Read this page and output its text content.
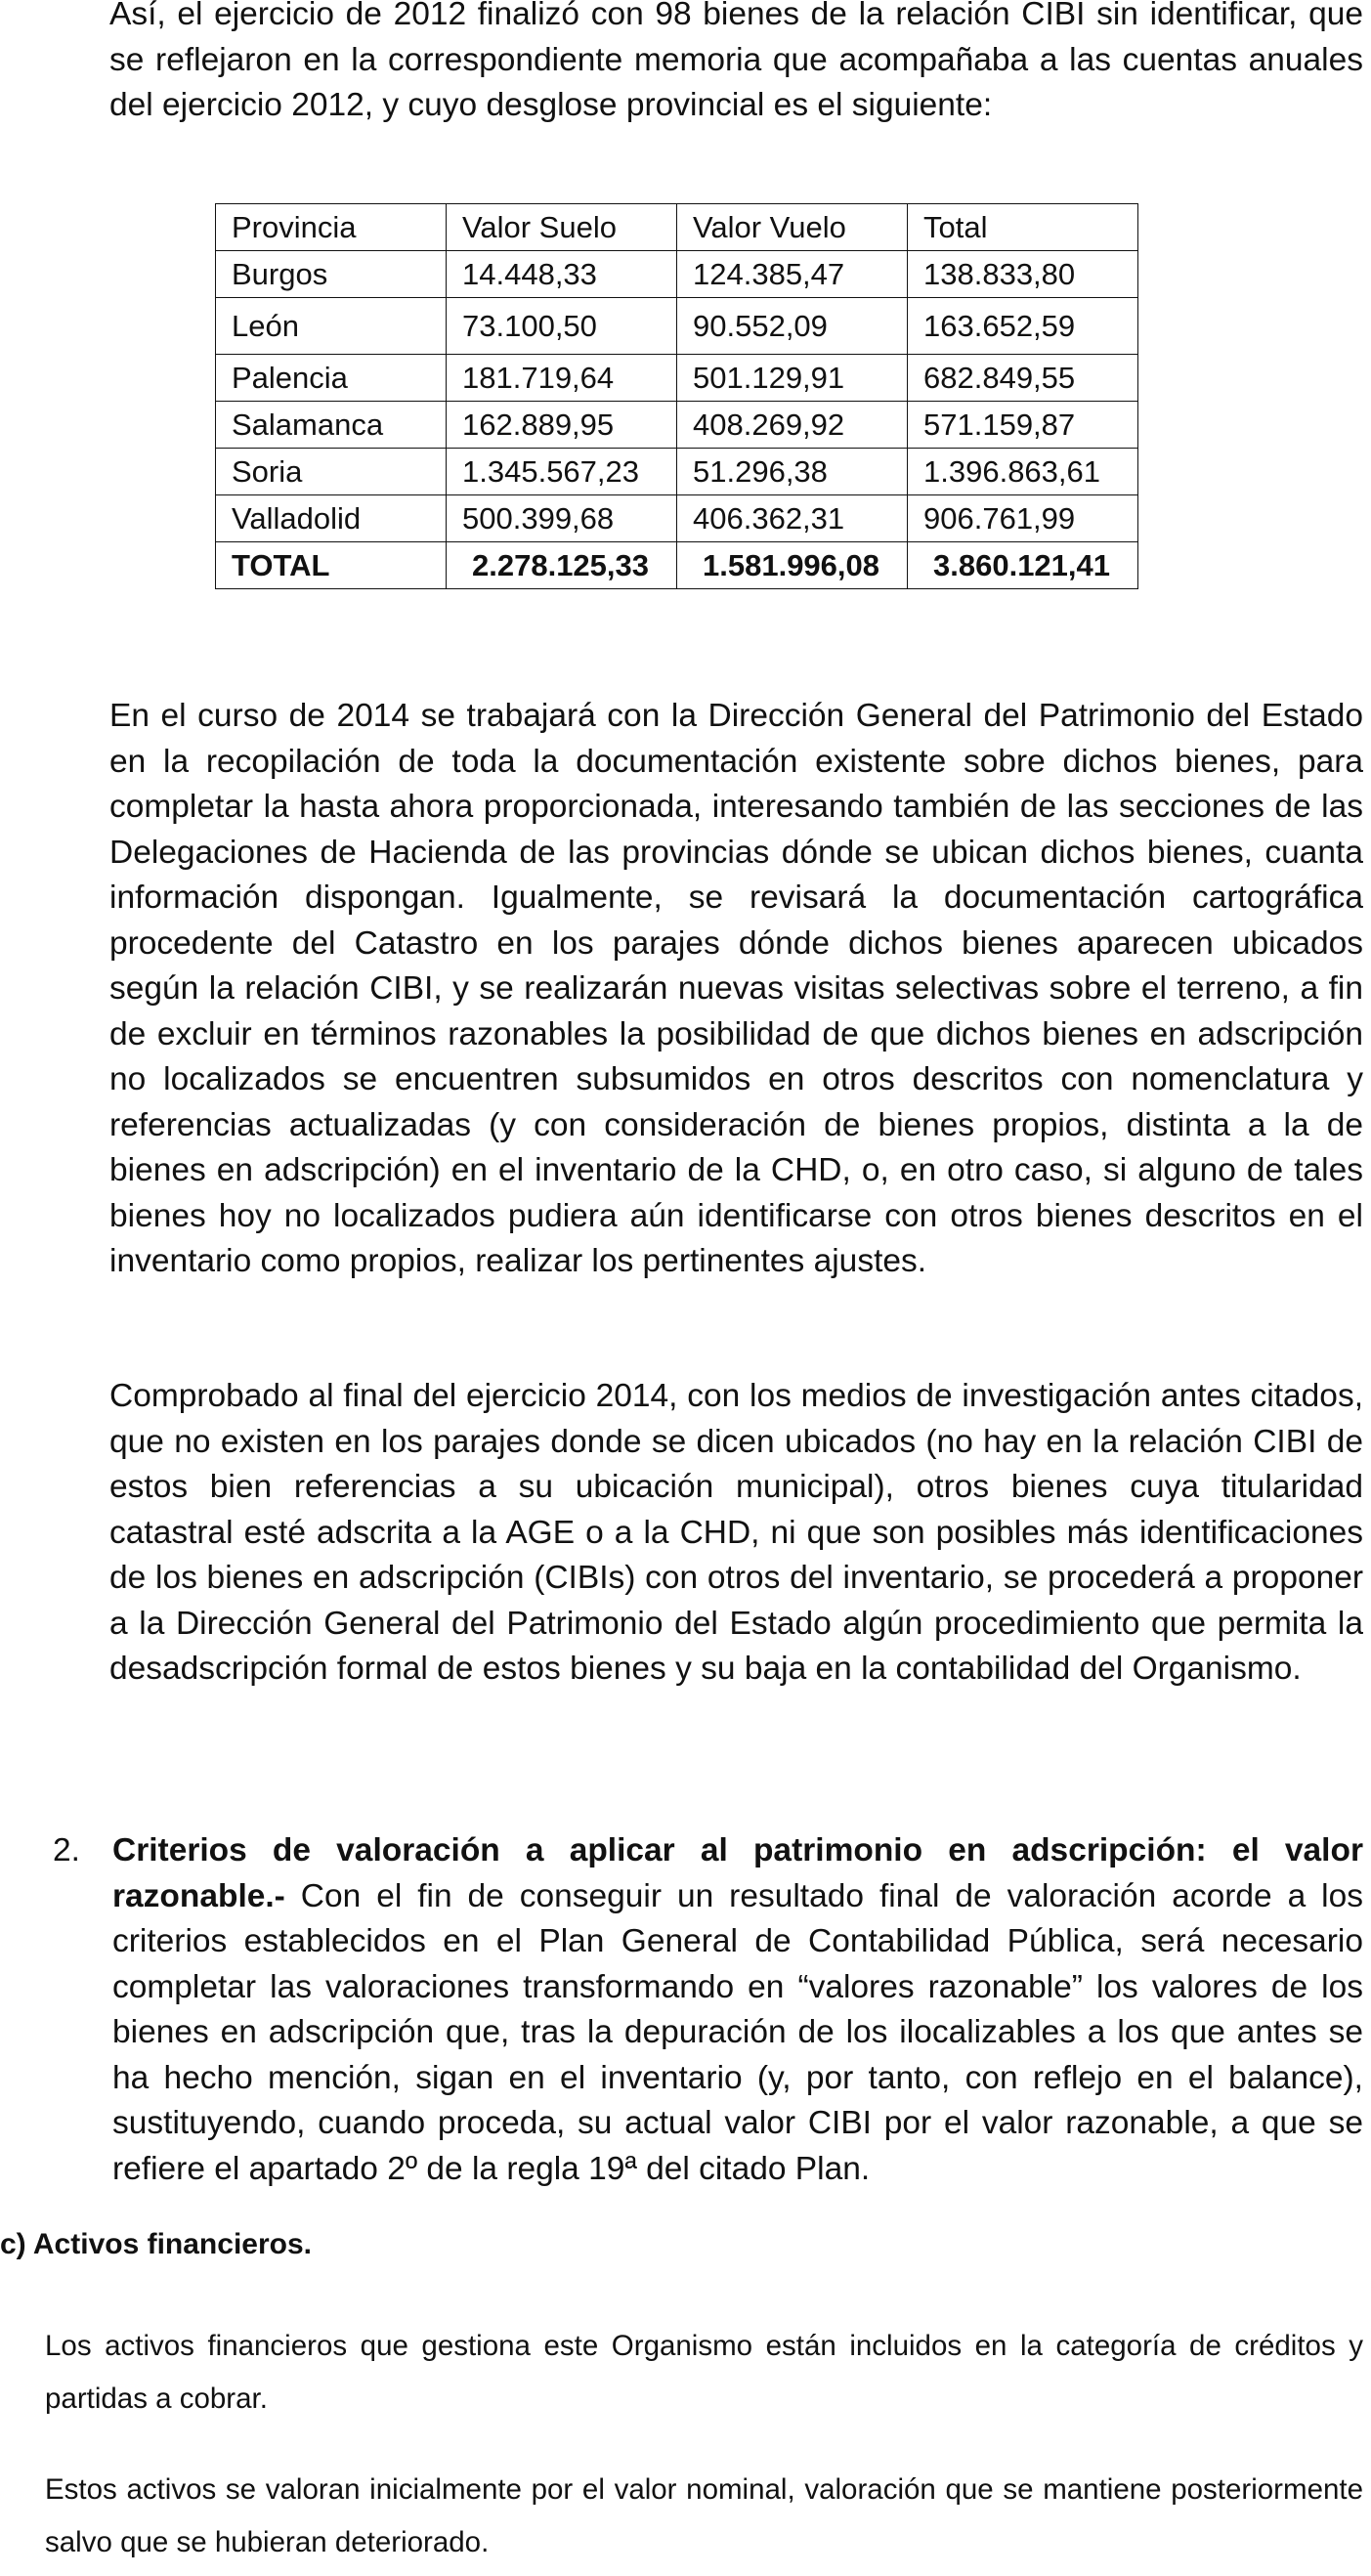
Así, el ejercicio de 2012 finalizó con 98 bienes de la relación CIBI sin identificar, que se reflejaron en la correspondiente memoria que acompañaba a las cuentas anuales del ejercicio 2012, y cuyo desglose provincial es el siguiente:

Provincia	Valor Suelo	Valor Vuelo	Total
Burgos	14.448,33	124.385,47	138.833,80
León	73.100,50	90.552,09	163.652,59
Palencia	181.719,64	501.129,91	682.849,55
Salamanca	162.889,95	408.269,92	571.159,87
Soria	1.345.567,23	51.296,38	1.396.863,61
Valladolid	500.399,68	406.362,31	906.761,99
TOTAL	2.278.125,33	1.581.996,08	3.860.121,41

En el curso de 2014 se trabajará con la Dirección General del Patrimonio del Estado en la recopilación de toda la documentación existente sobre dichos bienes, para completar la hasta ahora proporcionada, interesando también de las secciones de las Delegaciones de Hacienda de las provincias dónde se ubican dichos bienes, cuanta información dispongan. Igualmente, se revisará la documentación cartográfica procedente del Catastro en los parajes dónde dichos bienes aparecen ubicados según la relación CIBI, y se realizarán nuevas visitas selectivas sobre el terreno, a fin de excluir en términos razonables la posibilidad de que dichos bienes en adscripción no localizados se encuentren subsumidos en otros descritos con nomenclatura y referencias actualizadas (y con consideración de bienes propios, distinta a la de bienes en adscripción) en el inventario de la CHD, o, en otro caso, si alguno de tales bienes hoy no localizados pudiera aún identificarse con otros bienes descritos en el inventario como propios, realizar los pertinentes ajustes.

Comprobado al final del ejercicio 2014, con los medios de investigación antes citados, que no existen en los parajes donde se dicen ubicados (no hay en la relación CIBI de estos bien referencias a su ubicación municipal), otros bienes cuya titularidad catastral esté adscrita a la AGE o a la CHD, ni que son posibles más identificaciones de los bienes en adscripción (CIBIs) con otros del inventario, se procederá a proponer a la Dirección General del Patrimonio del Estado algún procedimiento que permita la desadscripción formal de estos bienes y su baja en la contabilidad del Organismo.

2. Criterios de valoración a aplicar al patrimonio en adscripción: el valor razonable.- Con el fin de conseguir un resultado final de valoración acorde a los criterios establecidos en el Plan General de Contabilidad Pública, será necesario completar las valoraciones transformando en “valores razonable” los valores de los bienes en adscripción que, tras la depuración de los ilocalizables a los que antes se ha hecho mención, sigan en el inventario (y, por tanto, con reflejo en el balance), sustituyendo, cuando proceda, su actual valor CIBI por el valor razonable, a que se refiere el apartado 2º de la regla 19ª del citado Plan.

c) Activos financieros.

Los activos financieros que gestiona este Organismo están incluidos en la categoría de créditos y partidas a cobrar.

Estos activos se valoran inicialmente por el valor nominal, valoración que se mantiene posteriormente salvo que se hubieran deteriorado.
